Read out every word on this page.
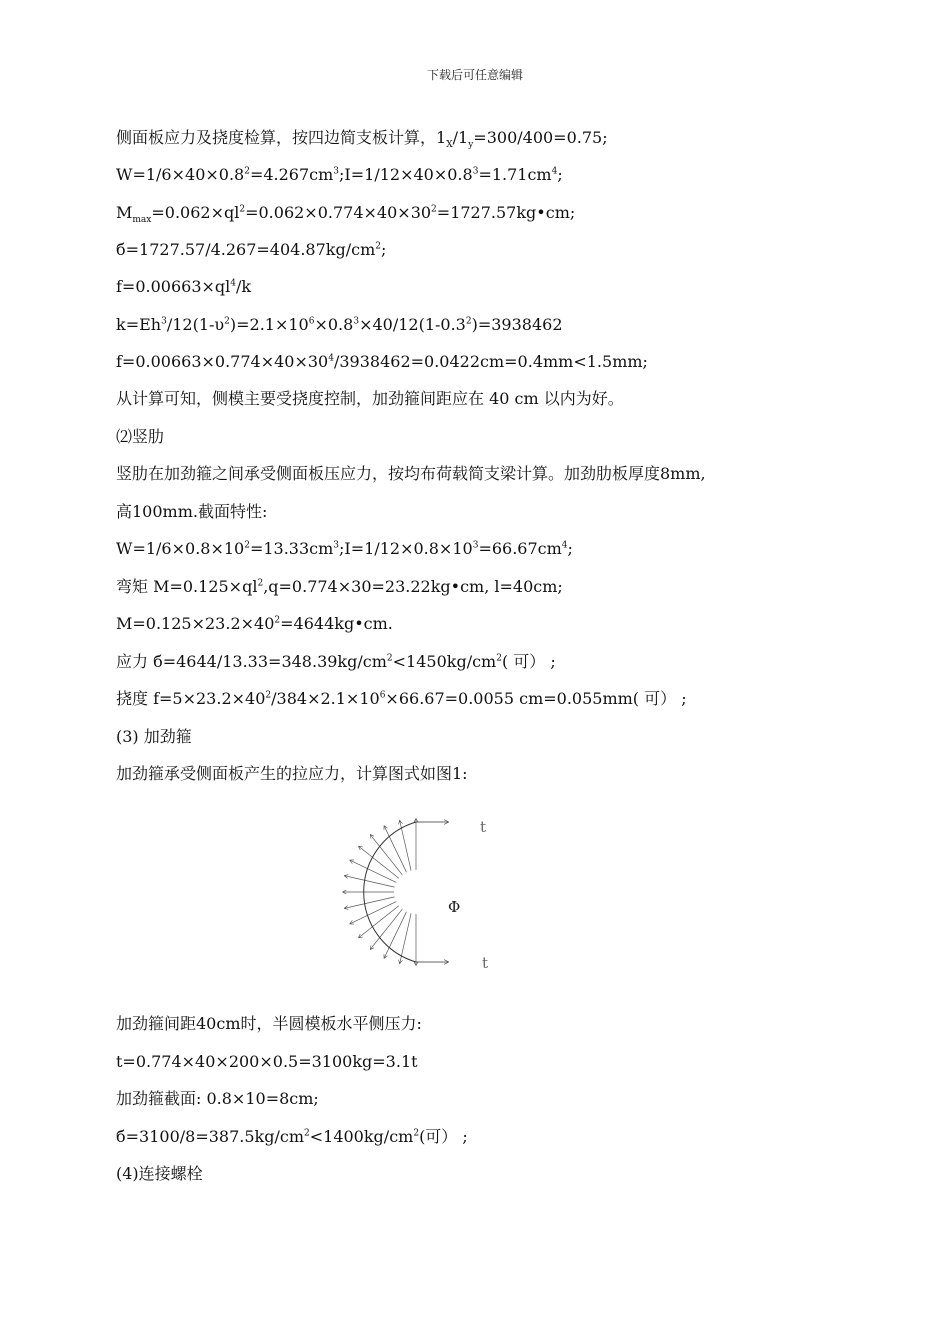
下载后可任意编辑
侧面板应力及挠度检算，按四边简支板计算，$1_X/1_y=300/400=0.75$;
$W=1/6\times 40\times 0.8^2=4.267cm^3;I=1/12\times 40\times 0.8^3=1.71cm^4$;
$M_{max}=0.062\times ql^2=0.062\times 0.774\times 40\times 30^2=1727.57kg•cm$;
$б=1727.57/4.267=404.87kg/cm^2$;
$f=0.00663\times ql^4/k$
$k=Eh^3/12(1-\upsilon^2)=2.1\times 10^6\times 0.8^3\times 40/12(1-0.3^2)=3938462$
$f=0.00663\times 0.774\times 40\times 30^4/3938462=0.0422cm=0.4mm<1.5mm$;
从计算可知，侧模主要受挠度控制，加劲箍间距应在 40 cm 以内为好。
⑵竖肋
竖肋在加劲箍之间承受侧面板压应力，按均布荷载简支梁计算。加劲肋板厚度8mm,
高100mm.截面特性:
$W=1/6\times 0.8\times 10^2=13.33cm^3;I=1/12\times 0.8\times 10^3=66.67cm^4$;
弯矩 $M=0.125\times ql^2,q=0.774\times 30=23.22kg•cm$, l=40cm;
$M=0.125\times 23.2\times 40^2=4644kg•cm$.
应力 $б=4644/13.33=348.39kg/cm^2<1450kg/cm^2$( 可） ;
挠度 $f=5\times 23.2\times 40^2/384\times 2.1\times 10^6\times 66.67=0.0055$ cm=0.055mm( 可） ;
(3) 加劲箍
加劲箍承受侧面板产生的拉应力，计算图式如图1:
t
t
Φ
加劲箍间距40cm时，半圆模板水平侧压力:
t=0.774×40×200×0.5=3100kg=3.1t
加劲箍截面: 0.8×10=8cm;
$б=3100/8=387.5kg/cm^2<1400kg/cm^2$(可） ;
(4)连接螺栓
